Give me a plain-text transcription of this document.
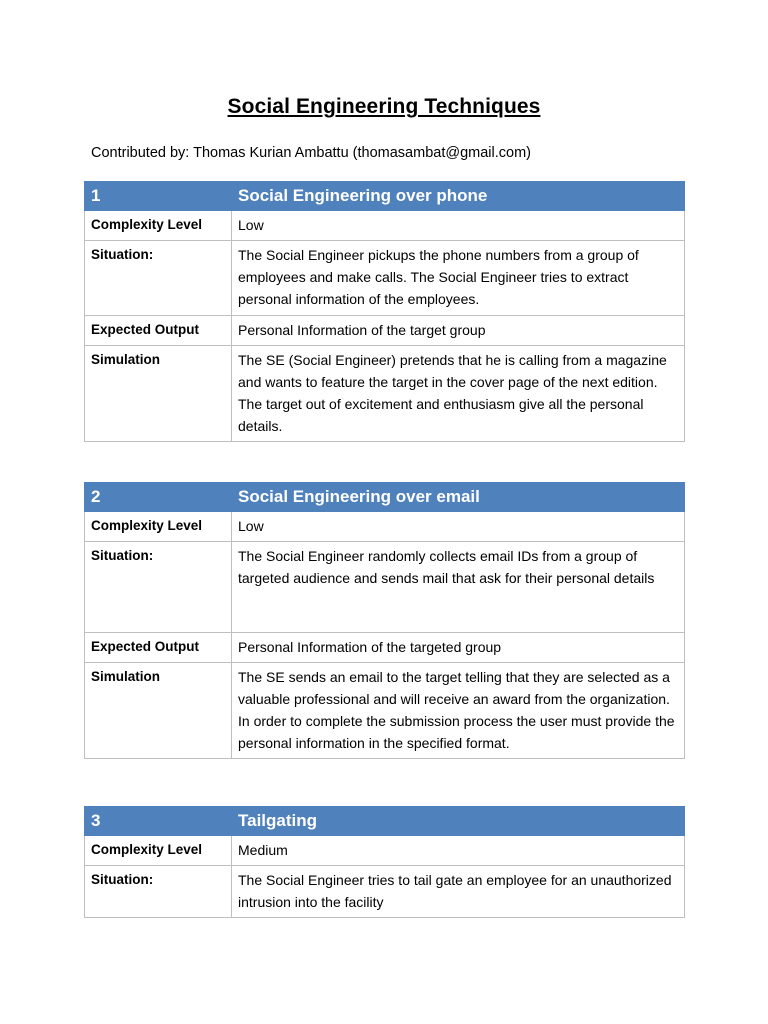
Social Engineering Techniques
Contributed by: Thomas Kurian Ambattu (thomasambat@gmail.com)
1	Social Engineering over phone
Complexity Level	Low
Situation:	The Social Engineer pickups the phone numbers from a group of employees and make calls. The Social Engineer tries to extract personal information of the employees.
Expected Output	Personal Information of the target group
Simulation	The SE (Social Engineer) pretends that he is calling from a magazine and wants to feature the target in the cover page of the next edition. The target out of excitement and enthusiasm give all the personal details.
2	Social Engineering over email
Complexity Level	Low
Situation:	The Social Engineer randomly collects email IDs from a group of targeted audience and sends mail that ask for their personal details
Expected Output	Personal Information of the targeted group
Simulation	The SE sends an email to the target telling that they are selected as a valuable professional and will receive an award from the organization. In order to complete the submission process the user must provide the personal information in the specified format.
3	Tailgating
Complexity Level	Medium
Situation:	The Social Engineer tries to tail gate an employee for an unauthorized intrusion into the facility
